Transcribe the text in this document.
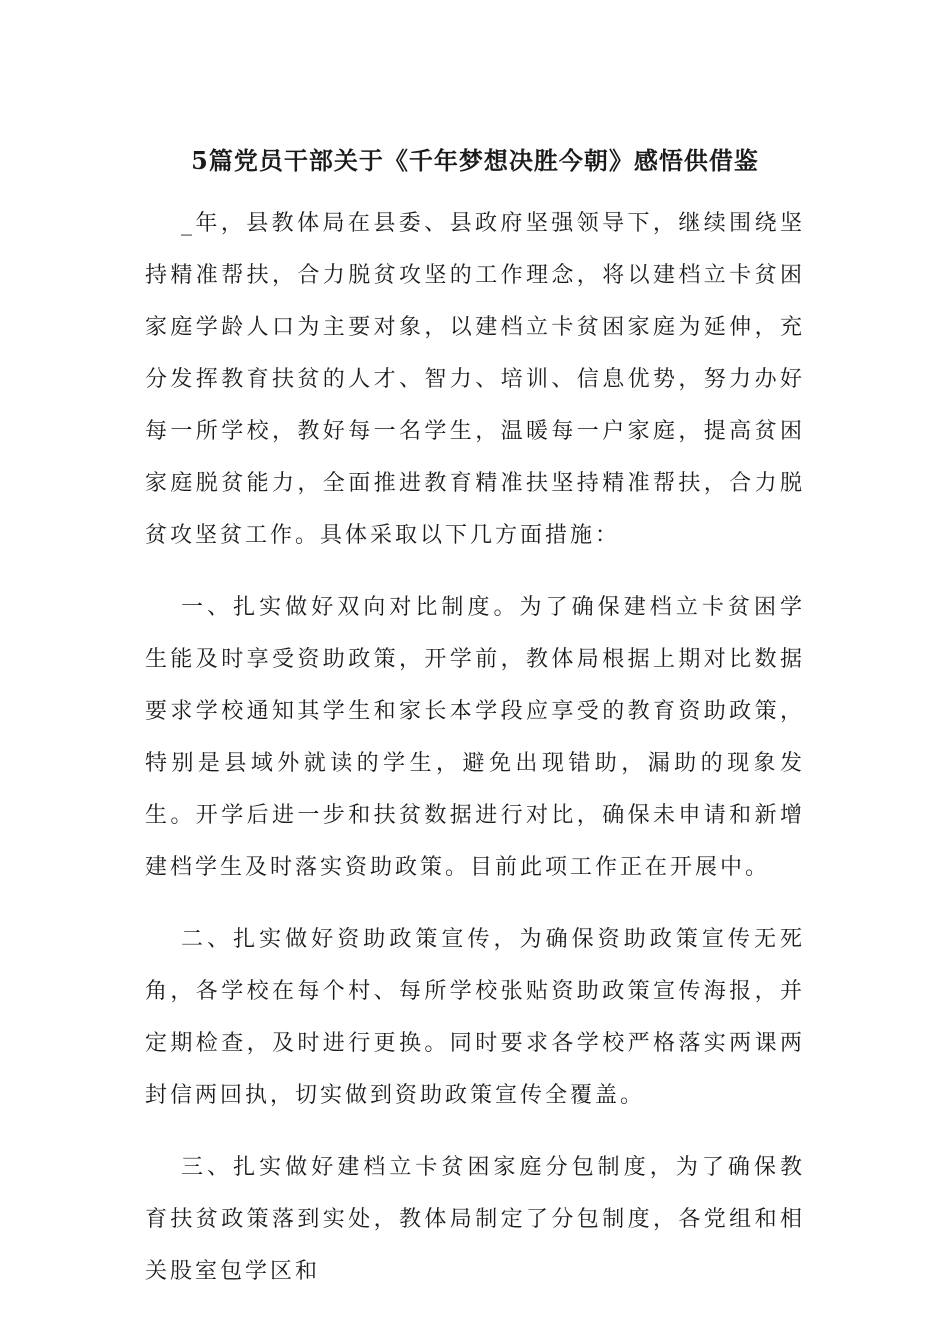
5篇党员干部关于《千年梦想决胜今朝》感悟供借鉴

_年，县教体局在县委、县政府坚强领导下，继续围绕坚持精准帮扶，合力脱贫攻坚的工作理念，将以建档立卡贫困家庭学龄人口为主要对象，以建档立卡贫困家庭为延伸，充分发挥教育扶贫的人才、智力、培训、信息优势，努力办好每一所学校，教好每一名学生，温暖每一户家庭，提高贫困家庭脱贫能力，全面推进教育精准扶坚持精准帮扶，合力脱贫攻坚贫工作。具体采取以下几方面措施：

一、扎实做好双向对比制度。为了确保建档立卡贫困学生能及时享受资助政策，开学前，教体局根据上期对比数据要求学校通知其学生和家长本学段应享受的教育资助政策，特别是县域外就读的学生，避免出现错助，漏助的现象发生。开学后进一步和扶贫数据进行对比，确保未申请和新增建档学生及时落实资助政策。目前此项工作正在开展中。

二、扎实做好资助政策宣传，为确保资助政策宣传无死角，各学校在每个村、每所学校张贴资助政策宣传海报，并定期检查，及时进行更换。同时要求各学校严格落实两课两封信两回执，切实做到资助政策宣传全覆盖。

三、扎实做好建档立卡贫困家庭分包制度，为了确保教育扶贫政策落到实处，教体局制定了分包制度，各党组和相关股室包学区和
